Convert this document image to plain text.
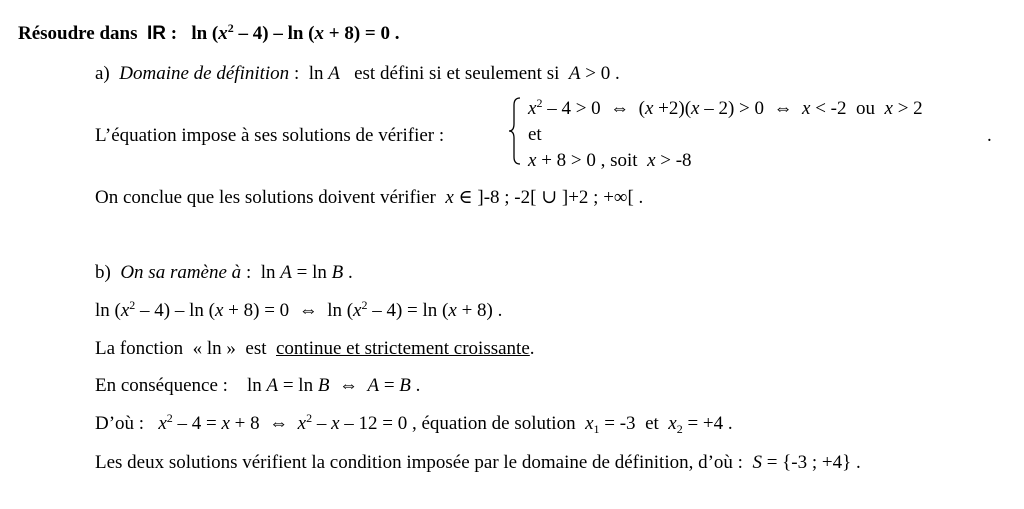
Résoudre dans IR : $\ln (x^2 - 4) - \ln (x + 8) = 0$ .
a) Domaine de définition : ln A est défini si et seulement si A > 0 .
L’équation impose à ses solutions de vérifier :
$x^2 - 4 > 0$ ⇔ (x +2)(x – 2) > 0 ⇔ x < -2 ou x > 2
et
x + 8 > 0 , soit x > -8
.
On conclue que les solutions doivent vérifier x ∈ ]-8 ; -2[ ∪ ]+2 ; +∞[ .
b) On sa ramène à : ln A = ln B .
$\ln (x^2 - 4) - \ln (x + 8) = 0$ ⇔ $\ln (x^2 - 4) = \ln (x + 8)$ .
La fonction « ln » est continue et strictement croissante.
En conséquence : ln A = ln B ⇔ A = B .
D’où : $x^2 - 4 = x + 8$ ⇔ $x^2 - x - 12 = 0$ , équation de solution $x_1 = -3$ et $x_2 = +4$ .
Les deux solutions vérifient la condition imposée par le domaine de définition, d’où : S = {-3 ; +4} .
